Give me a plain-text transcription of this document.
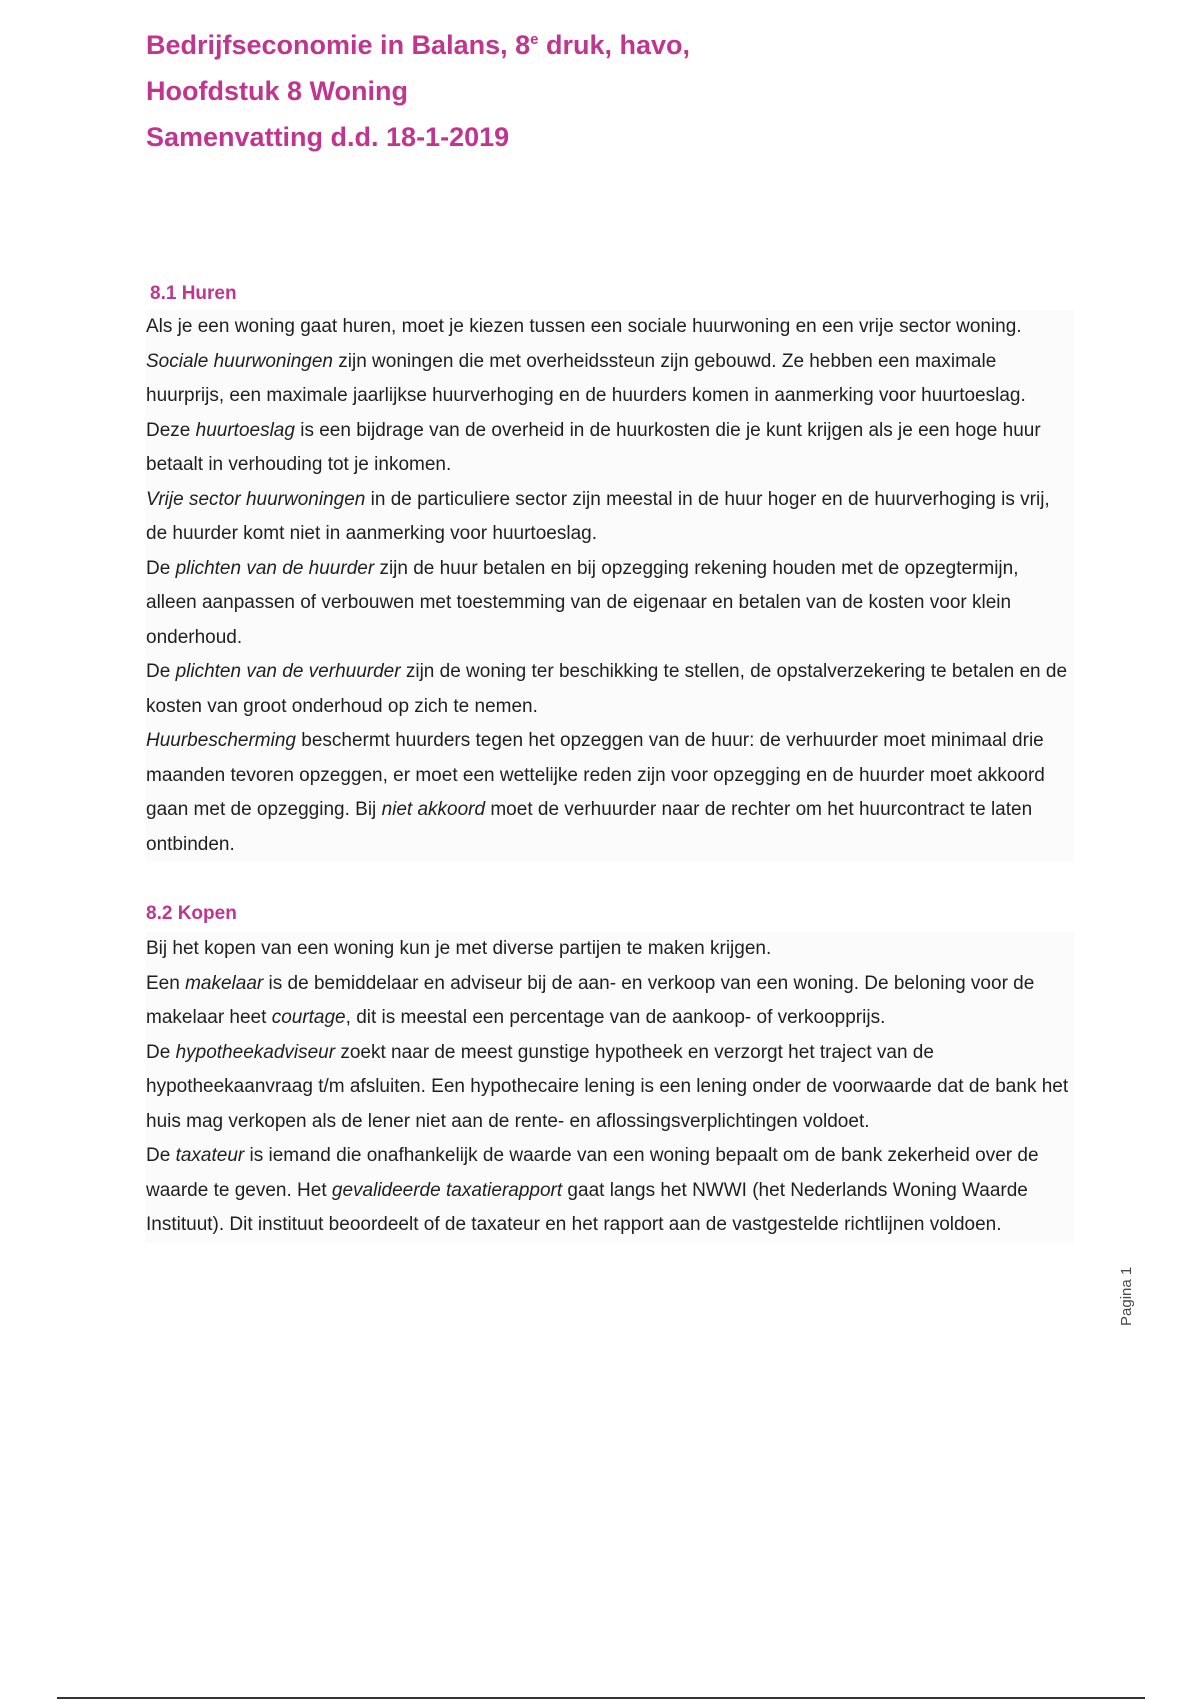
Bedrijfseconomie in Balans, 8e druk, havo,
Hoofdstuk 8 Woning
Samenvatting d.d. 18-1-2019
8.1 Huren

Als je een woning gaat huren, moet je kiezen tussen een sociale huurwoning en een vrije sector woning. Sociale huurwoningen zijn woningen die met overheidssteun zijn gebouwd. Ze hebben een maximale huurprijs, een maximale jaarlijkse huurverhoging en de huurders komen in aanmerking voor huurtoeslag. Deze huurtoeslag is een bijdrage van de overheid in de huurkosten die je kunt krijgen als je een hoge huur betaalt in verhouding tot je inkomen.

Vrije sector huurwoningen in de particuliere sector zijn meestal in de huur hoger en de huurverhoging is vrij, de huurder komt niet in aanmerking voor huurtoeslag.

De plichten van de huurder zijn de huur betalen en bij opzegging rekening houden met de opzegtermijn, alleen aanpassen of verbouwen met toestemming van de eigenaar en betalen van de kosten voor klein onderhoud.

De plichten van de verhuurder zijn de woning ter beschikking te stellen, de opstalverzekering te betalen en de kosten van groot onderhoud op zich te nemen.

Huurbescherming beschermt huurders tegen het opzeggen van de huur: de verhuurder moet minimaal drie maanden tevoren opzeggen, er moet een wettelijke reden zijn voor opzegging en de huurder moet akkoord gaan met de opzegging. Bij niet akkoord moet de verhuurder naar de rechter om het huurcontract te laten ontbinden.

8.2 Kopen

Bij het kopen van een woning kun je met diverse partijen te maken krijgen.

Een makelaar is de bemiddelaar en adviseur bij de aan- en verkoop van een woning. De beloning voor de makelaar heet courtage, dit is meestal een percentage van de aankoop- of verkoopprijs.

De hypotheekadviseur zoekt naar de meest gunstige hypotheek en verzorgt het traject van de hypotheekaanvraag t/m afsluiten. Een hypothecaire lening is een lening onder de voorwaarde dat de bank het huis mag verkopen als de lener niet aan de rente- en aflossingsverplichtingen voldoet.

De taxateur is iemand die onafhankelijk de waarde van een woning bepaalt om de bank zekerheid over de waarde te geven. Het gevalideerde taxatierapport gaat langs het NWWI (het Nederlands Woning Waarde Instituut). Dit instituut beoordeelt of de taxateur en het rapport aan de vastgestelde richtlijnen voldoen.

Pagina 1
